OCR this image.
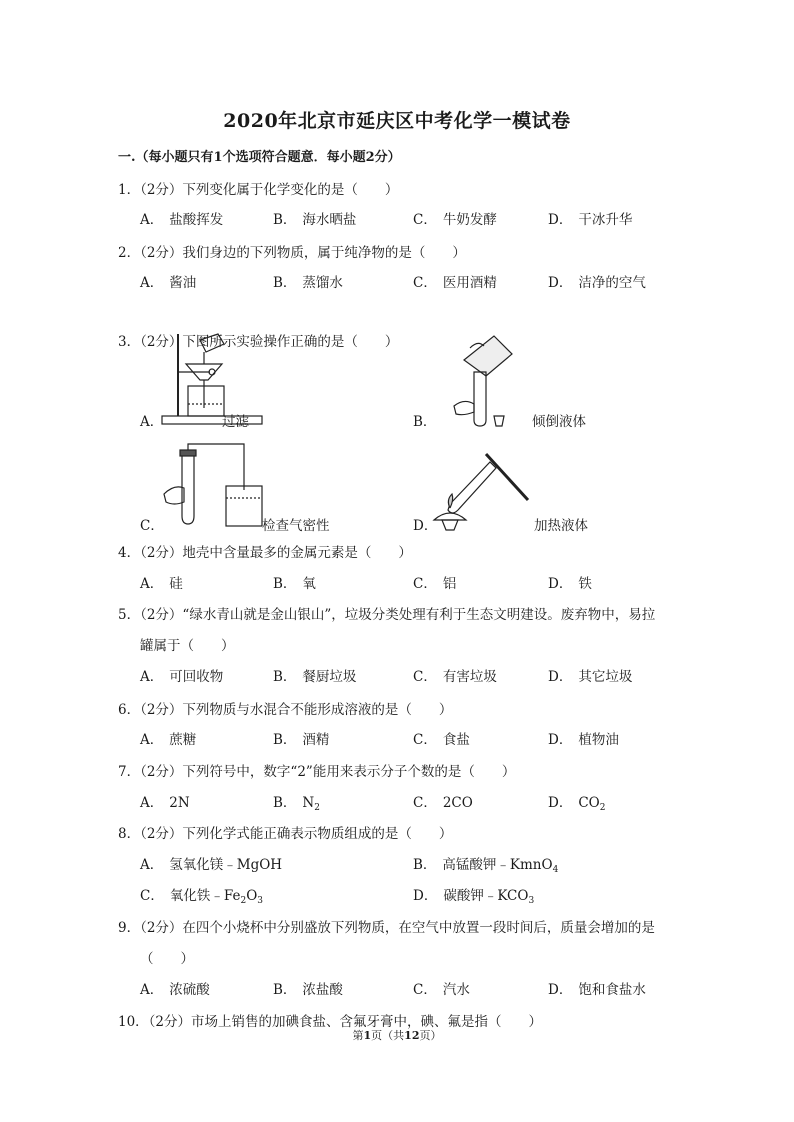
2020年北京市延庆区中考化学一模试卷
一.（每小题只有1个选项符合题意．每小题2分）
1．（2分）下列变化属于化学变化的是（　　）
A． 盐酸挥发	B． 海水晒盐	C． 牛奶发酵	D． 干冰升华
2．（2分）我们身边的下列物质，属于纯净物的是（　　）
A． 酱油	B． 蒸馏水	C． 医用酒精	D． 洁净的空气
3．（2分）下图所示实验操作正确的是（　　）
A．	过滤	B．	倾倒液体
C．	检查气密性	D．	加热液体
4．（2分）地壳中含量最多的金属元素是（　　）
A． 硅	B． 氧	C． 铝	D． 铁
5．（2分）“绿水青山就是金山银山”，垃圾分类处理有利于生态文明建设。废弃物中，易拉
罐属于（　　）
A． 可回收物	B． 餐厨垃圾	C． 有害垃圾	D． 其它垃圾
6．（2分）下列物质与水混合不能形成溶液的是（　　）
A． 蔗糖	B． 酒精	C． 食盐	D． 植物油
7．（2分）下列符号中，数字“2”能用来表示分子个数的是（　　）
A． 2N	B． $N_2$	C． 2CO	D． $CO_2$
8．（2分）下列化学式能正确表示物质组成的是（　　）
A． 氢氧化镁﹣MgOH	B． 高锰酸钾﹣KmnO$_4$
C． 氧化铁$﹣Fe_2O_3$	D． 碳酸钾$﹣KCO_3$
9．（2分）在四个小烧杯中分别盛放下列物质，在空气中放置一段时间后，质量会增加的是
（　　）
A． 浓硫酸	B． 浓盐酸	C． 汽水	D． 饱和食盐水
10．（2分）市场上销售的加碘食盐、含氟牙膏中，碘、氟是指（　　）
第1页（共12页）
